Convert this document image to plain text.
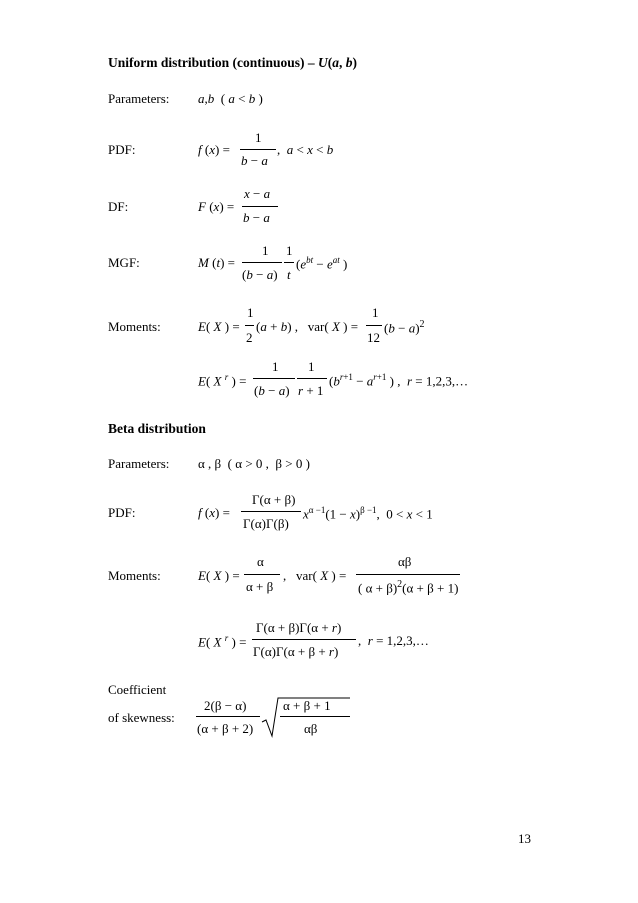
Uniform distribution (continuous) – U(a, b)
Parameters: a,b  ( a < b )
PDF:	f (x) =
1
b − a
,  a < x < b
DF:	F (x) =
x − a
b − a
MGF:	M (t) =
1
(b − a)
1
t
($e^{bt} - e^{at}$ )
Moments:	E( X ) =
1
2
(a + b) ,   var( X ) =
1
12
$(b - a)^2$
E( X $^r$ ) =
1
(b − a)
1
r + 1
($b^{r+1} - a^{r+1}$ ) ,  r = 1,2,3,…
Beta distribution
Parameters: α , β  ( α > 0 ,  β > 0 )
PDF:	f (x) =
Γ(α + β)
Γ(α)Γ(β)
$x^{\alpha -1}(1 - x)^{\beta -1}$,  0 < x < 1
Moments:	E( X ) =
α
α + β
,   var( X ) =
αβ
( α + β)$^2$(α + β + 1)
E( X $^r$ ) =
Γ(α + β)Γ(α + r)
Γ(α)Γ(α + β + r)
,  r = 1,2,3,…
Coefficient
of skewness:
2(β − α)
(α + β + 2)
α + β + 1
αβ
13
